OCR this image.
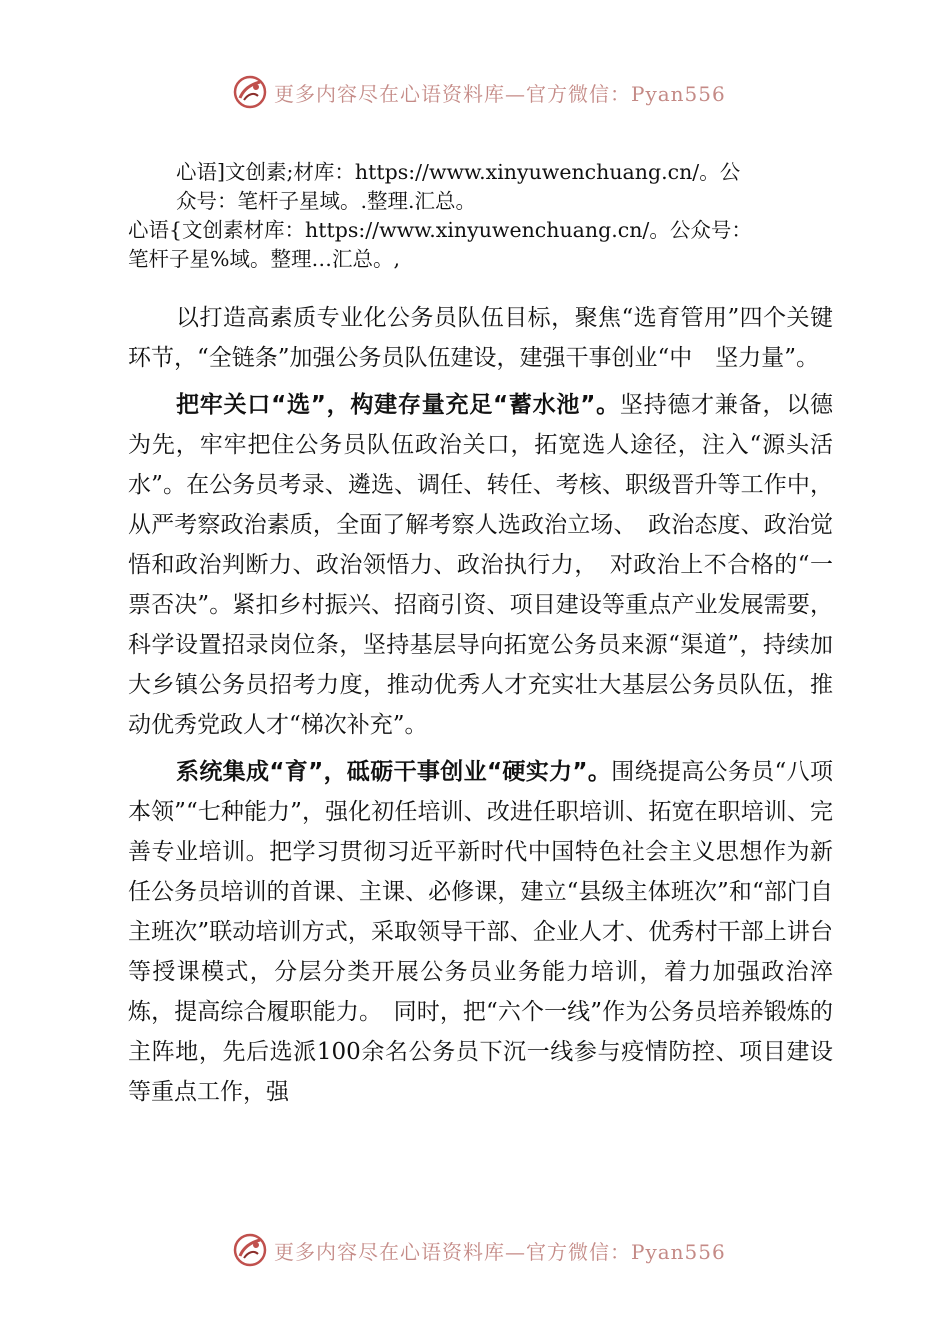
更多内容尽在心语资料库—官方微信：Pyan556

心语]文创素;材库：https://www.xinyuwenchuang.cn/。公

众号：笔杆子星域。.整理.汇总。

心语{文创素材库：https://www.xinyuwenchuang.cn/。公众号：

笔杆子星%域。整理…汇总。,

以打造高素质专业化公务员队伍目标，聚焦“选育管用”四个关键环节，“全链条”加强公务员队伍建设，建强干事创业“中　坚力量”。

把牢关口“选”，构建存量充足“蓄水池”。坚持德才兼备，以德为先，牢牢把住公务员队伍政治关口，拓宽选人途径，注入“源头活水”。在公务员考录、遴选、调任、转任、考核、职级晋升等工作中，从严考察政治素质，全面了解考察人选政治立场、　政治态度、政治觉悟和政治判断力、政治领悟力、政治执行力，　对政治上不合格的“一票否决”。紧扣乡村振兴、招商引资、项目建设等重点产业发展需要，科学设置招录岗位条，坚持基层导向拓宽公务员来源“渠道”，持续加大乡镇公务员招考力度，推动优秀人才充实壮大基层公务员队伍，推动优秀党政人才“梯次补充”。

系统集成“育”，砥砺干事创业“硬实力”。围绕提高公务员“八项本领”“七种能力”，强化初任培训、改进任职培训、拓宽在职培训、完善专业培训。把学习贯彻习近平新时代中国特色社会主义思想作为新任公务员培训的首课、主课、必修课，建立“县级主体班次”和“部门自主班次”联动培训方式，采取领导干部、企业人才、优秀村干部上讲台等授课模式，分层分类开展公务员业务能力培训，着力加强政治淬炼，提高综合履职能力。　同时，把“六个一线”作为公务员培养锻炼的主阵地，先后选派100余名公务员下沉一线参与疫情防控、项目建设等重点工作，强

更多内容尽在心语资料库—官方微信：Pyan556
